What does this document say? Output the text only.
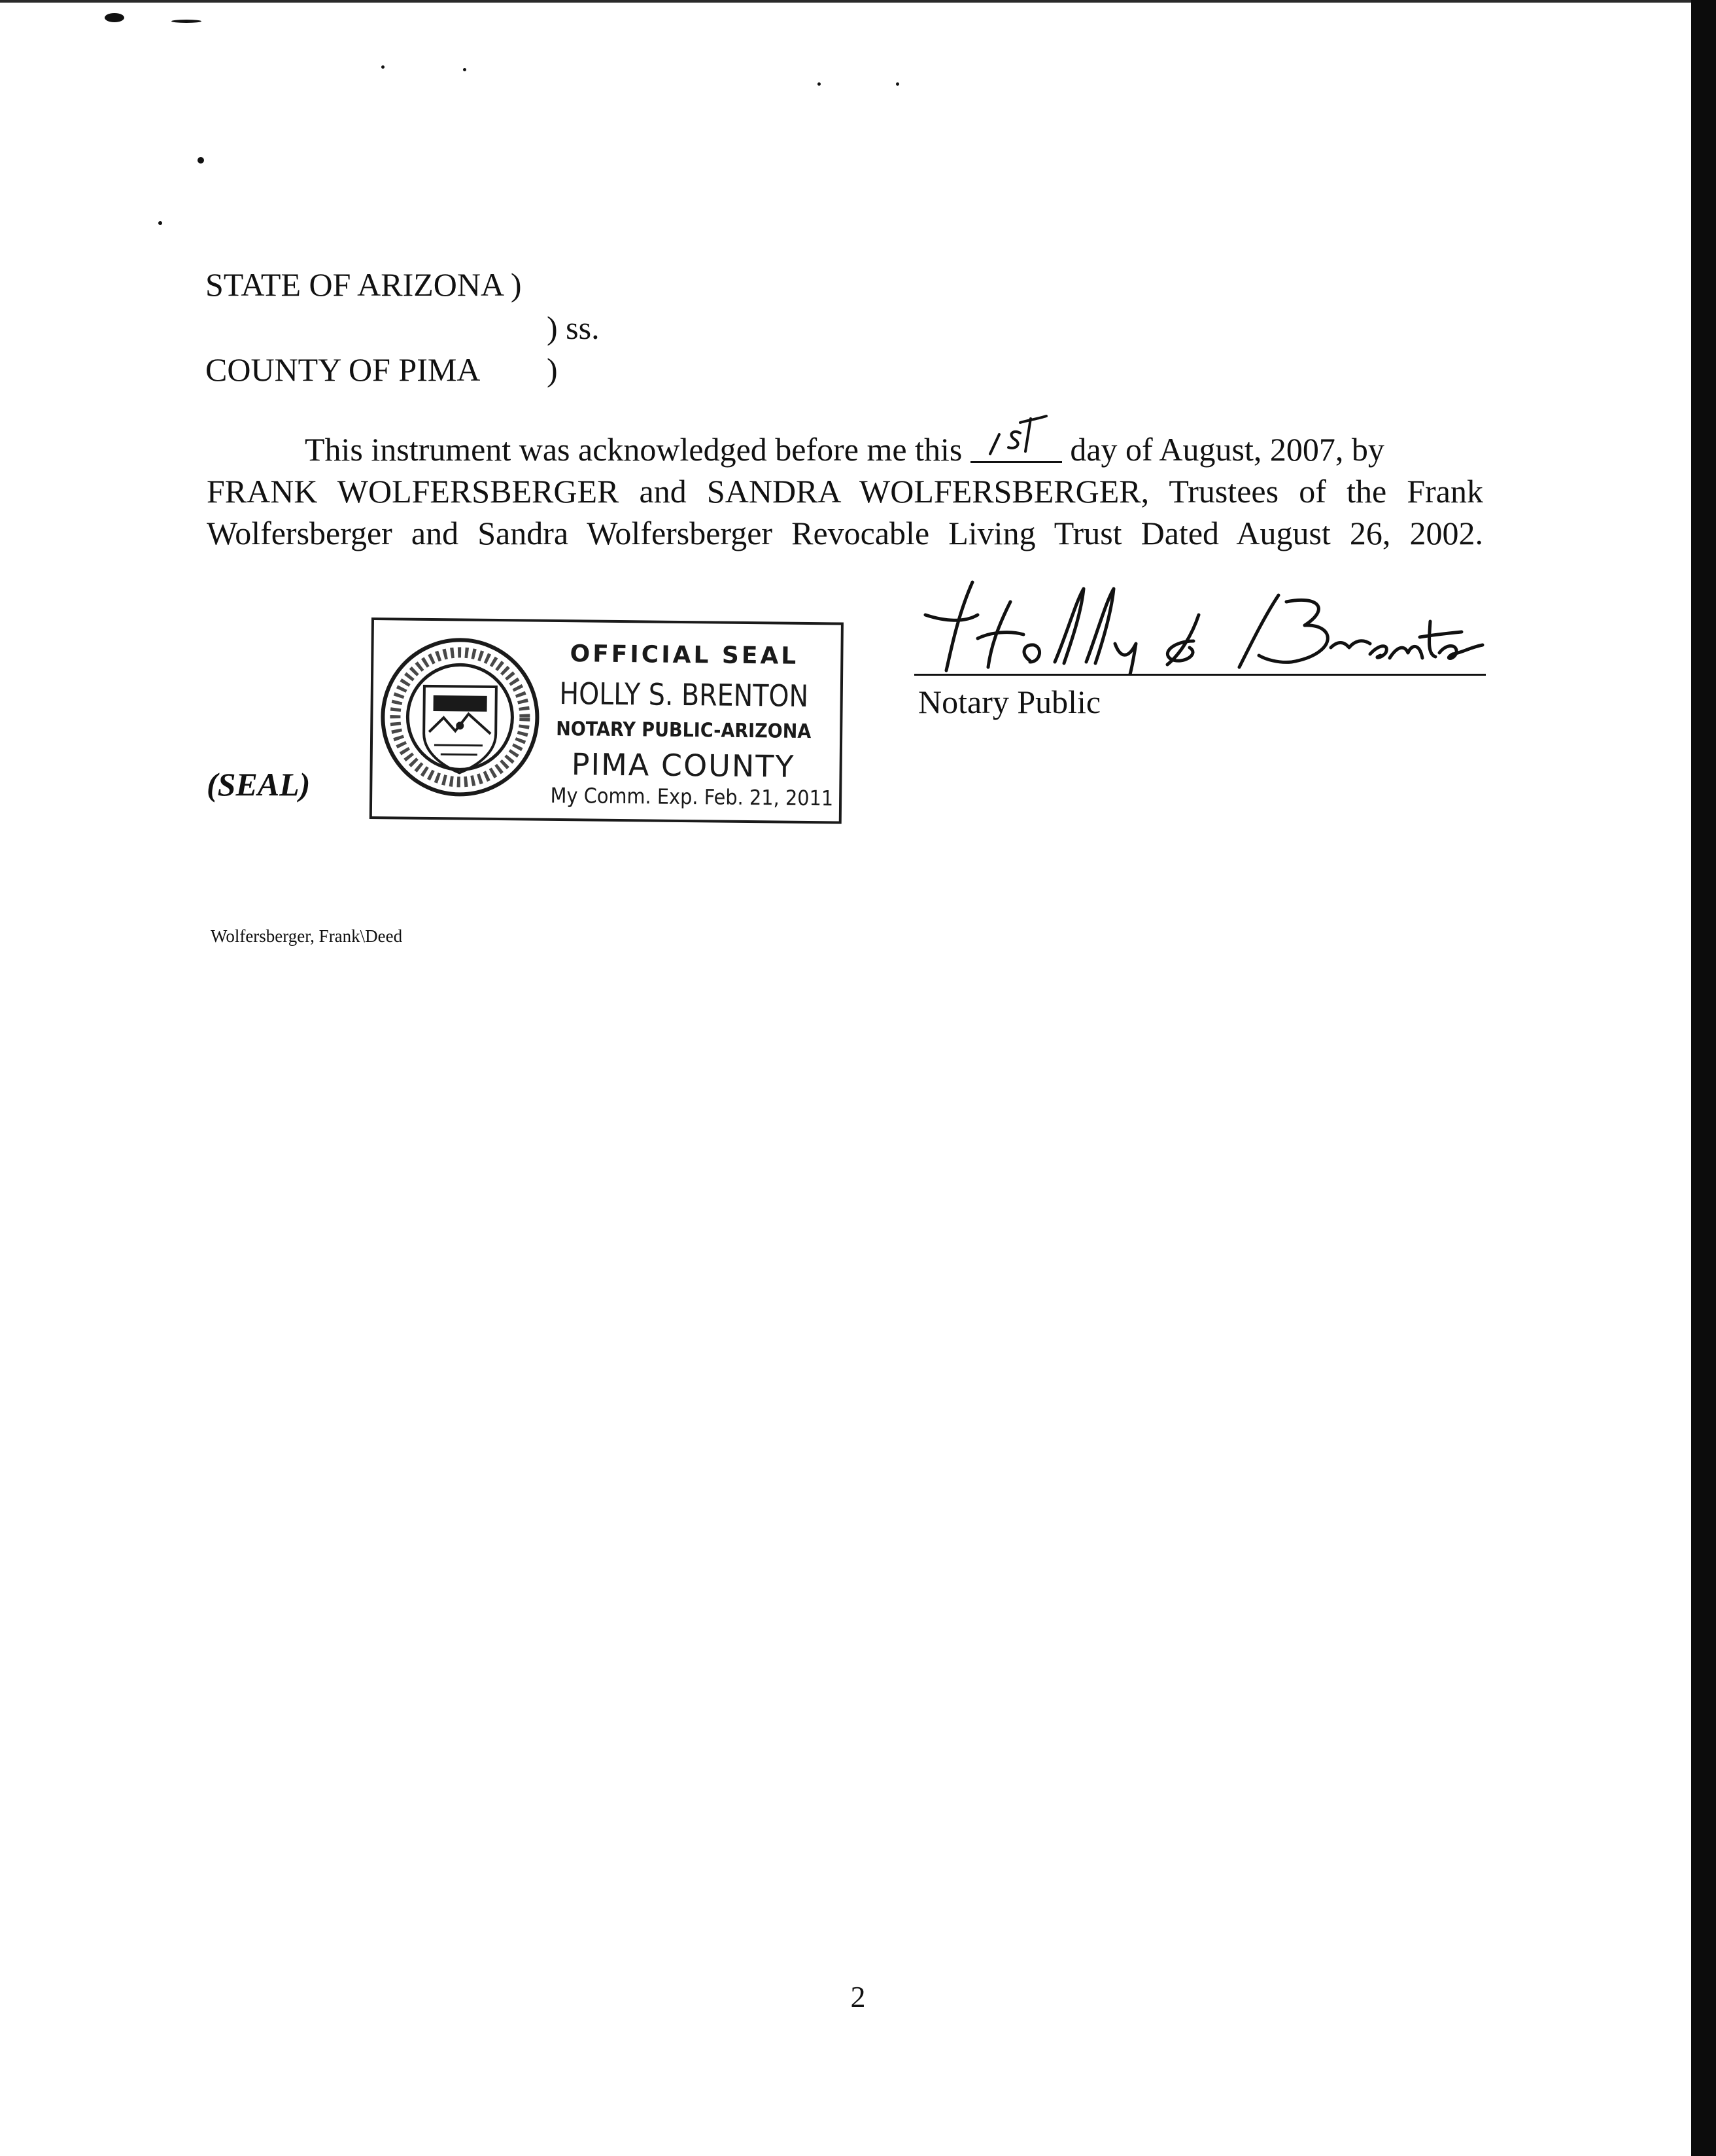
STATE OF ARIZONA )
) ss.
COUNTY OF PIMA )
This instrument was acknowledged before me this	day of August, 2007, by
FRANK WOLFERSBERGER and SANDRA WOLFERSBERGER, Trustees of the Frank
Wolfersberger and Sandra Wolfersberger Revocable Living Trust Dated August 26, 2002.
(SEAL)
OFFICIAL SEAL
HOLLY S. BRENTON
NOTARY PUBLIC-ARIZONA
PIMA COUNTY
My Comm. Exp. Feb. 21, 2011
Notary Public
Wolfersberger, Frank\Deed
2
